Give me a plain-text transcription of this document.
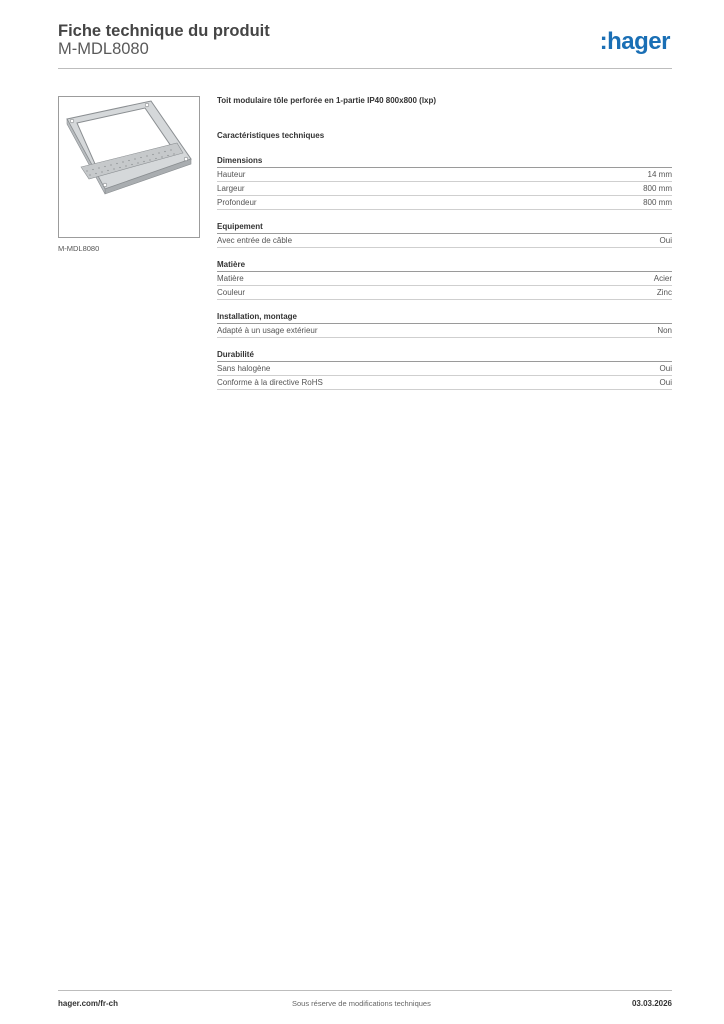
Fiche technique du produit
M-MDL8080	:hager
M-MDL8080
Toit modulaire tôle perforée en 1-partie IP40 800x800 (lxp)
Caractéristiques techniques
Dimensions
Hauteur	14 mm
Largeur	800 mm
Profondeur	800 mm
Equipement
Avec entrée de câble	Oui
Matière
Matière	Acier
Couleur	Zinc
Installation, montage
Adapté à un usage extérieur	Non
Durabilité
Sans halogène	Oui
Conforme à la directive RoHS	Oui
hager.com/fr-ch	Sous réserve de modifications techniques	03.03.2026
